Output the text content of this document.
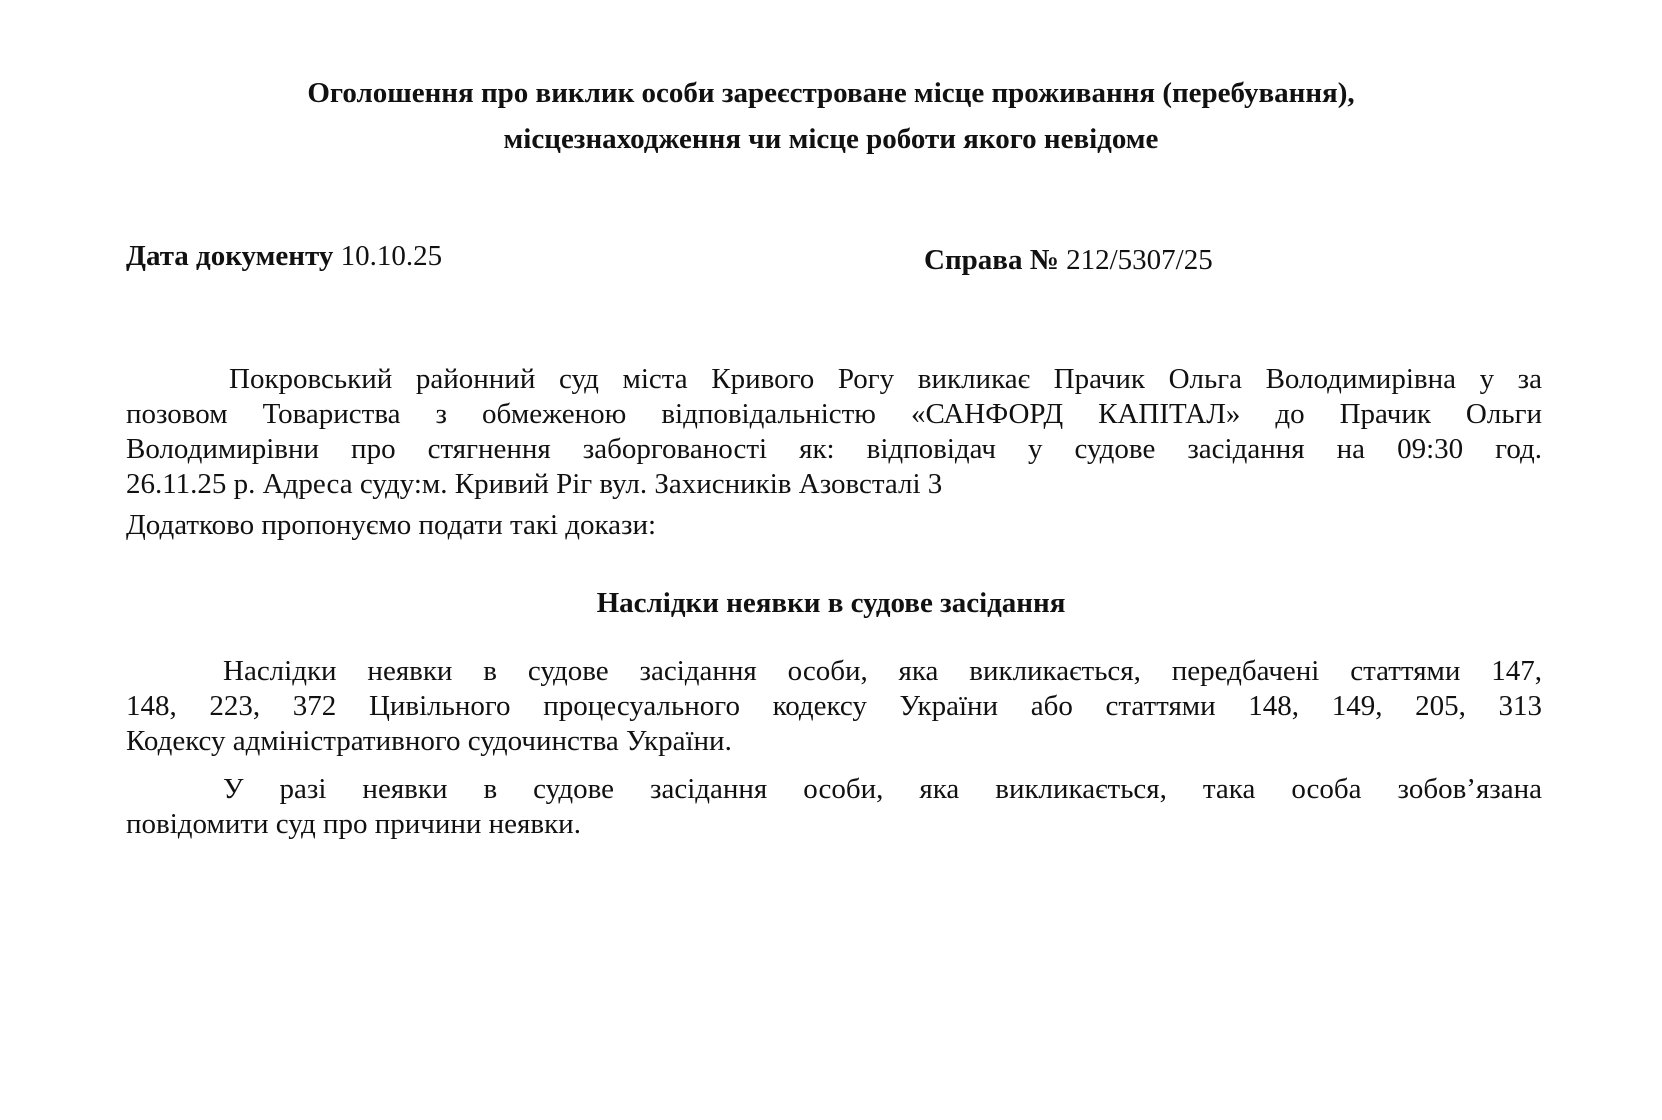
Оголошення про виклик особи зареєстроване місце проживання (перебування),
місцезнаходження чи місце роботи якого невідоме
Дата документу 10.10.25	Справа № 212/5307/25
Покровський районний суд міста Кривого Рогу викликає Прачик Ольга Володимирівна у за
позовом Товариства з обмеженою відповідальністю «САНФОРД КАПІТАЛ» до Прачик Ольги
Володимирівни про стягнення заборгованості як: відповідач у судове засідання на 09:30 год.
26.11.25 р. Адреса суду:м. Кривий Ріг вул. Захисників Азовсталі 3
Додатково пропонуємо подати такі докази:
Наслідки неявки в судове засідання
Наслідки неявки в судове засідання особи, яка викликається, передбачені статтями 147,
148, 223, 372 Цивільного процесуального кодексу України або статтями 148, 149, 205, 313
Кодексу адміністративного судочинства України.
У разі неявки в судове засідання особи, яка викликається, така особа зобов’язана
повідомити суд про причини неявки.
